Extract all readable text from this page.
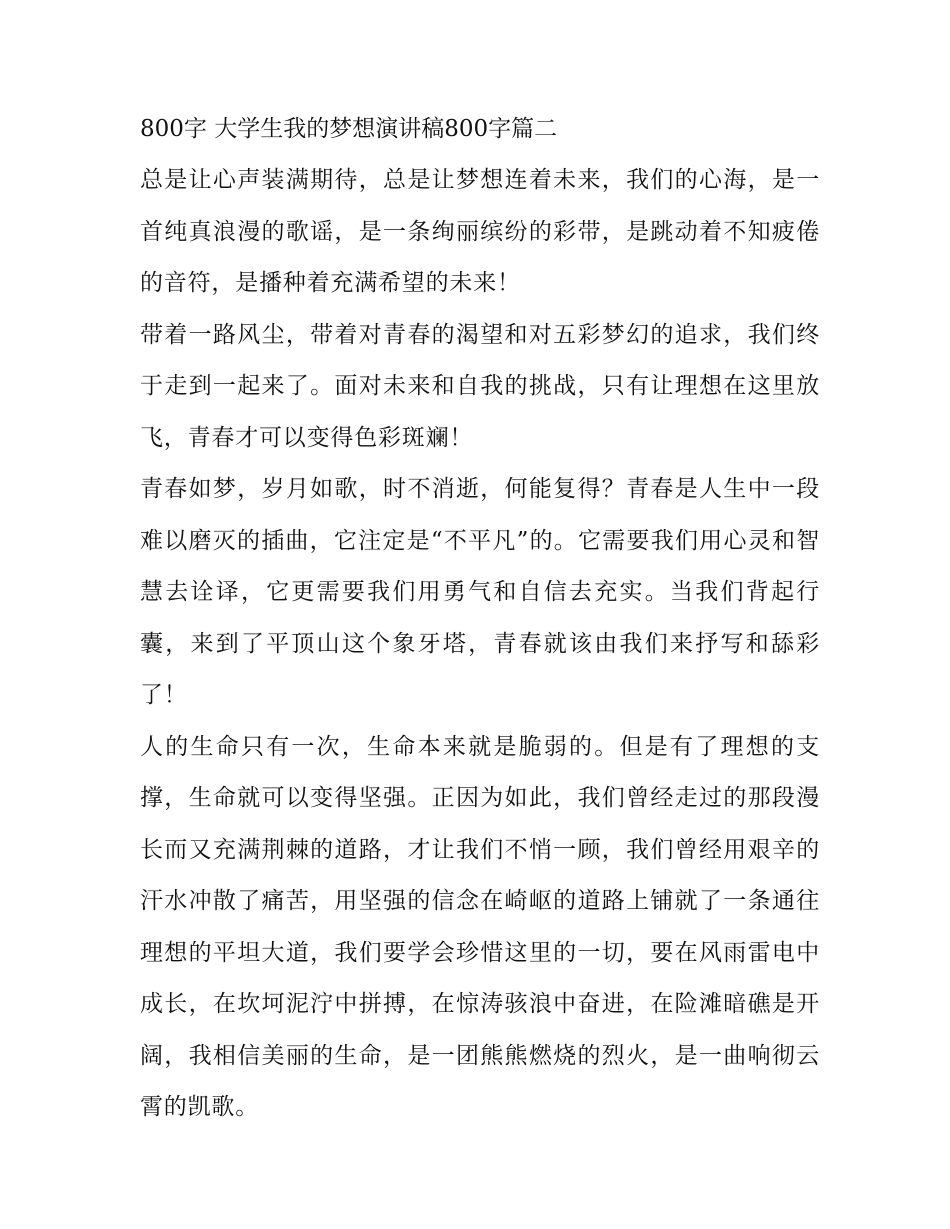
800字 大学生我的梦想演讲稿800字篇二

总是让心声装满期待，总是让梦想连着未来，我们的心海，是一首纯真浪漫的歌谣，是一条绚丽缤纷的彩带，是跳动着不知疲倦的音符，是播种着充满希望的未来！

带着一路风尘，带着对青春的渴望和对五彩梦幻的追求，我们终于走到一起来了。面对未来和自我的挑战，只有让理想在这里放飞，青春才可以变得色彩斑斓！

青春如梦，岁月如歌，时不消逝，何能复得？青春是人生中一段难以磨灭的插曲，它注定是“不平凡”的。它需要我们用心灵和智慧去诠译，它更需要我们用勇气和自信去充实。当我们背起行囊，来到了平顶山这个象牙塔，青春就该由我们来抒写和舔彩了！

人的生命只有一次，生命本来就是脆弱的。但是有了理想的支撑，生命就可以变得坚强。正因为如此，我们曾经走过的那段漫长而又充满荆棘的道路，才让我们不悄一顾，我们曾经用艰辛的汗水冲散了痛苦，用坚强的信念在崎岖的道路上铺就了一条通往理想的平坦大道，我们要学会珍惜这里的一切，要在风雨雷电中成长，在坎坷泥泞中拼搏，在惊涛骇浪中奋进，在险滩暗礁是开阔，我相信美丽的生命，是一团熊熊燃烧的烈火，是一曲响彻云霄的凯歌。
